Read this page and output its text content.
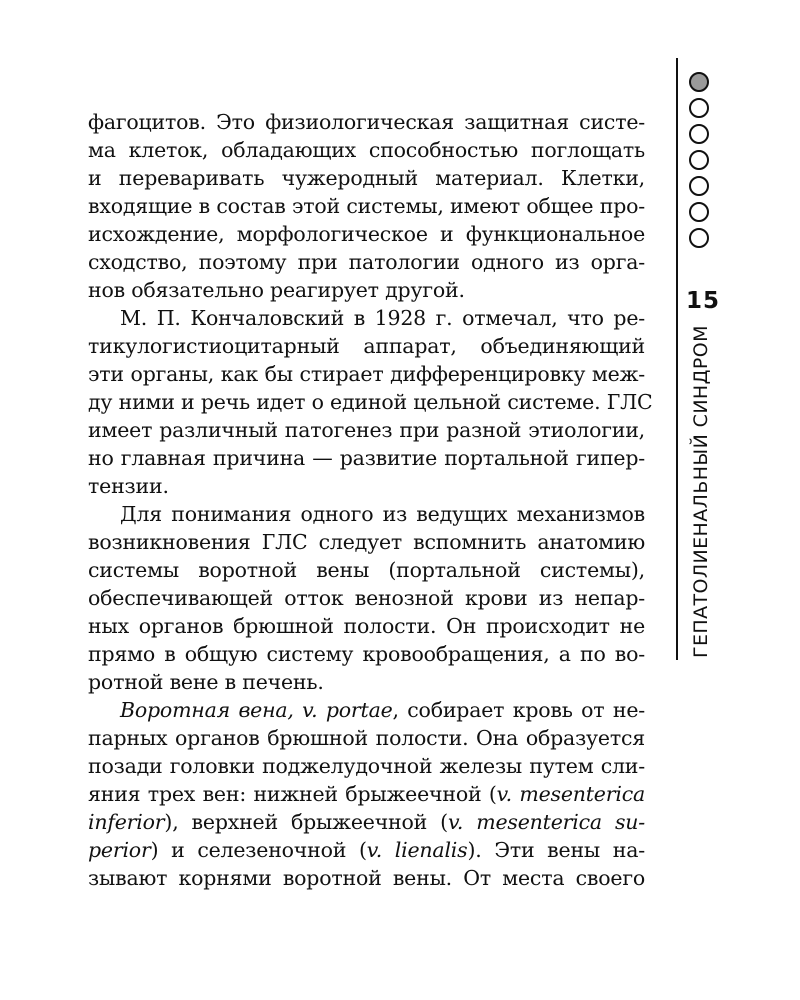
фагоцитов. Это физиологическая защитная систе-
ма клеток, обладающих способностью поглощать
и переваривать чужеродный материал. Клетки,
входящие в состав этой системы, имеют общее про-
исхождение, морфологическое и функциональное
сходство, поэтому при патологии одного из орга-
нов обязательно реагирует другой.
М. П. Кончаловский в 1928 г. отмечал, что ре-
тикулогистиоцитарный аппарат, объединяющий
эти органы, как бы стирает дифференцировку меж-
ду ними и речь идет о единой цельной системе. ГЛС
имеет различный патогенез при разной этиологии,
но главная причина — развитие портальной гипер-
тензии.
Для понимания одного из ведущих механизмов
возникновения ГЛС следует вспомнить анатомию
системы воротной вены (портальной системы),
обеспечивающей отток венозной крови из непар-
ных органов брюшной полости. Он происходит не
прямо в общую систему кровообращения, а по во-
ротной вене в печень.
Воротная вена, v. portae, собирает кровь от не-
парных органов брюшной полости. Она образуется
позади головки поджелудочной железы путем сли-
яния трех вен: нижней брыжеечной (v. mesenterica
inferior), верхней брыжеечной (v. mesenterica su-
perior) и селезеночной (v. lienalis). Эти вены на-
зывают корнями воротной вены. От места своего
15
ГЕПАТОЛИЕНАЛЬНЫЙ СИНДРОМ
